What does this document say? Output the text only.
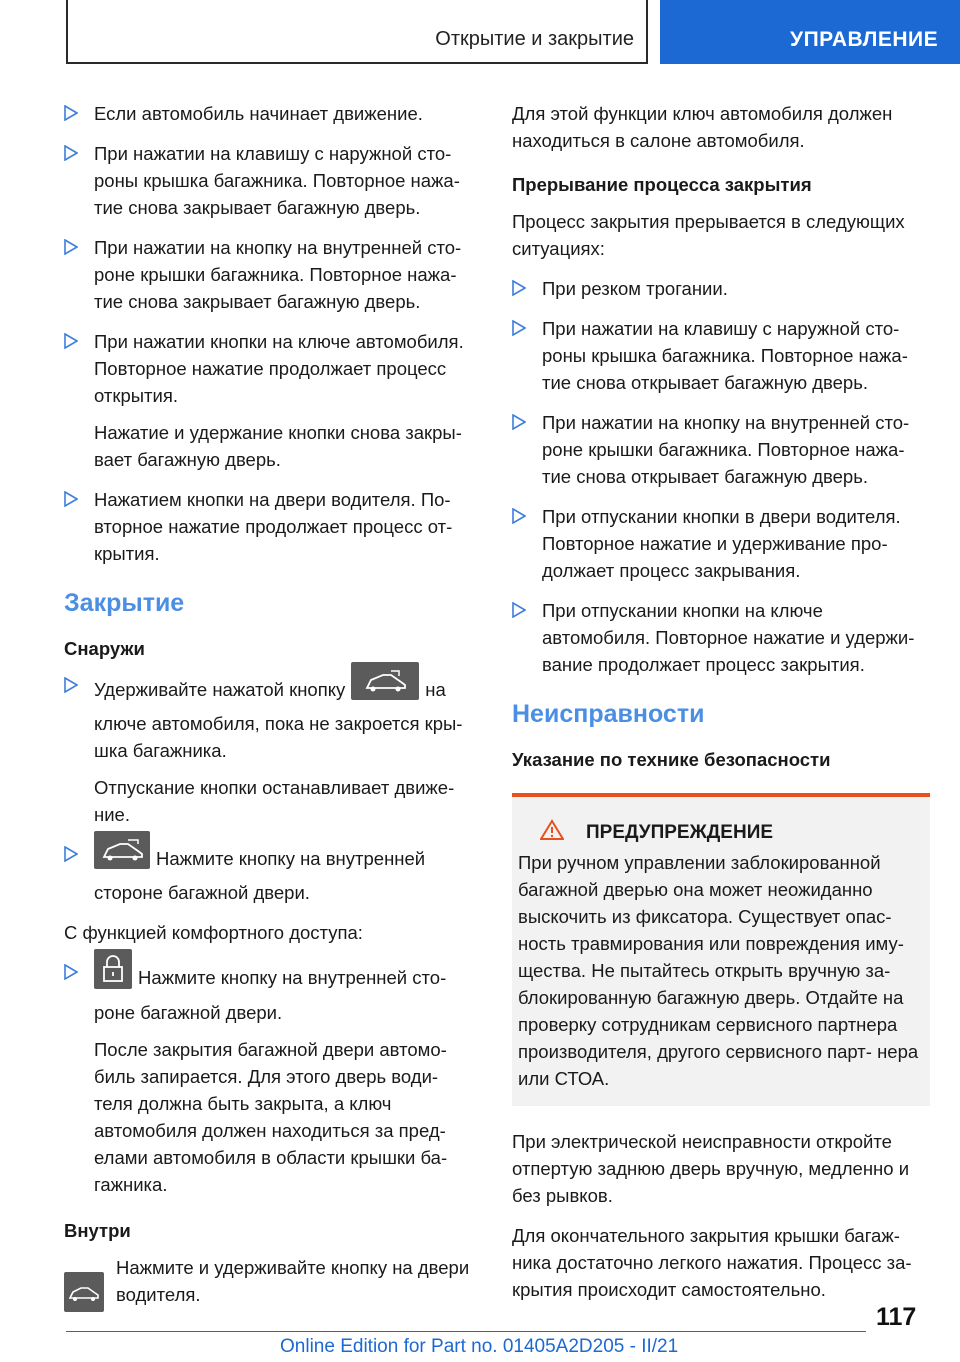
Открытие и закрытие	УПРАВЛЕНИЕ

Если автомобиль начинает движение.

При нажатии на клавишу с наружной сто‐ роны крышка багажника. Повторное нажа‐ тие снова закрывает багажную дверь.

При нажатии на кнопку на внутренней сто‐ роне крышки багажника. Повторное нажа‐ тие снова закрывает багажную дверь.

При нажатии кнопки на ключе автомобиля. Повторное нажатие продолжает процесс открытия.

Нажатие и удержание кнопки снова закры‐ вает багажную дверь.

Нажатием кнопки на двери водителя. По‐ вторное нажатие продолжает процесс от‐ крытия.

Закрытие
Снаружи

Удерживайте нажатой кнопку	на ключе автомобиля, пока не закроется кры‐ шка багажника.

Отпускание кнопки останавливает движе‐ ние.

Нажмите кнопку на внутренней стороне багажной двери.

С функцией комфортного доступа:

Нажмите кнопку на внутренней сто‐ роне багажной двери.

После закрытия багажной двери автомо‐ биль запирается. Для этого дверь води‐ теля должна быть закрыта, а ключ автомобиля должен находиться за пред‐ елами автомобиля в области крышки ба‐ гажника.

Внутри

Нажмите и удерживайте кнопку на двери водителя.

Для этой функции ключ автомобиля должен находиться в салоне автомобиля.

Прерывание процесса закрытия

Процесс закрытия прерывается в следующих ситуациях:

При резком трогании.

При нажатии на клавишу с наружной сто‐ роны крышка багажника. Повторное нажа‐ тие снова открывает багажную дверь.

При нажатии на кнопку на внутренней сто‐ роне крышки багажника. Повторное нажа‐ тие снова открывает багажную дверь.

При отпускании кнопки в двери водителя. Повторное нажатие и удерживание про‐ должает процесс закрывания.

При отпускании кнопки на ключе автомобиля. Повторное нажатие и удержи‐ вание продолжает процесс закрытия.

Неисправности
Указание по технике безопасности
ПРЕДУПРЕЖДЕНИЕ

При ручном управлении заблокированной багажной дверью она может неожиданно выскочить из фиксатора. Существует опас‐ ность травмирования или повреждения иму‐ щества. Не пытайтесь открыть вручную за‐ блокированную багажную дверь. Отдайте на проверку сотрудникам сервисного партнера производителя, другого сервисного парт‐ нера или СТОА.

При электрической неисправности откройте отпертую заднюю дверь вручную, медленно и без рывков.

Для окончательного закрытия крышки багаж‐ ника достаточно легкого нажатия. Процесс за‐ крытия происходит самостоятельно.

117
Online Edition for Part no. 01405A2D205 - II/21
